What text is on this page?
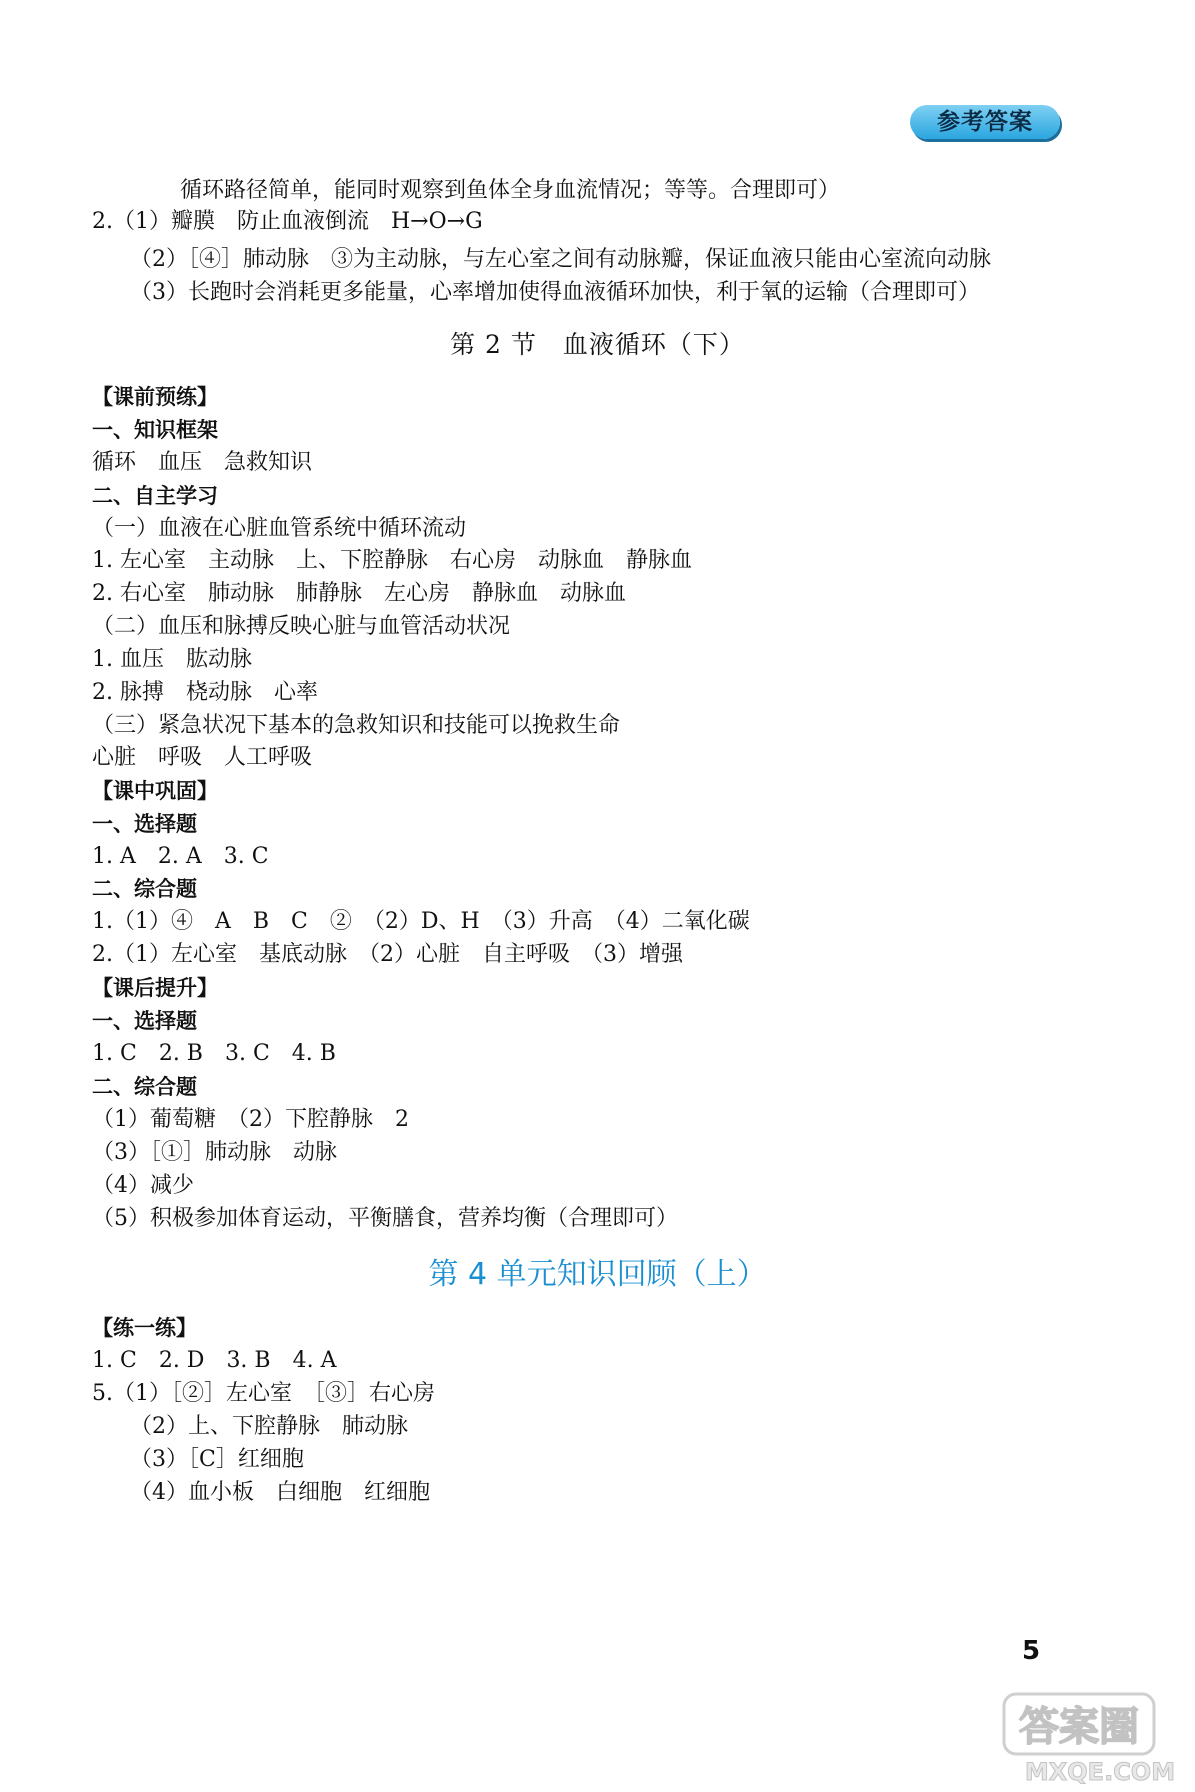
参考答案
循环路径简单，能同时观察到鱼体全身血流情况；等等。合理即可）
2.（1）瓣膜　防止血液倒流　H→O→G
（2）［④］肺动脉　③为主动脉，与左心室之间有动脉瓣，保证血液只能由心室流向动脉
（3）长跑时会消耗更多能量，心率增加使得血液循环加快，利于氧的运输（合理即可）
第 2 节　血液循环（下）
【课前预练】
一、知识框架
循环　血压　急救知识
二、自主学习
（一）血液在心脏血管系统中循环流动
1. 左心室　主动脉　上、下腔静脉　右心房　动脉血　静脉血
2. 右心室　肺动脉　肺静脉　左心房　静脉血　动脉血
（二）血压和脉搏反映心脏与血管活动状况
1. 血压　肱动脉
2. 脉搏　桡动脉　心率
（三）紧急状况下基本的急救知识和技能可以挽救生命
心脏　呼吸　人工呼吸
【课中巩固】
一、选择题
1. A　2. A　3. C
二、综合题
1.（1）④　A　B　C　②　（2）D、H　（3）升高　（4）二氧化碳
2.（1）左心室　基底动脉　（2）心脏　自主呼吸　（3）增强
【课后提升】
一、选择题
1. C　2. B　3. C　4. B
二、综合题
（1）葡萄糖　（2）下腔静脉　2
（3）［①］肺动脉　动脉
（4）减少
（5）积极参加体育运动，平衡膳食，营养均衡（合理即可）
第 4 单元知识回顾（上）
【练一练】
1. C　2. D　3. B　4. A
5.（1）［②］左心室　［③］右心房
（2）上、下腔静脉　肺动脉
（3）［C］红细胞
（4）血小板　白细胞　红细胞
5
答案圈
MXQE.COM
